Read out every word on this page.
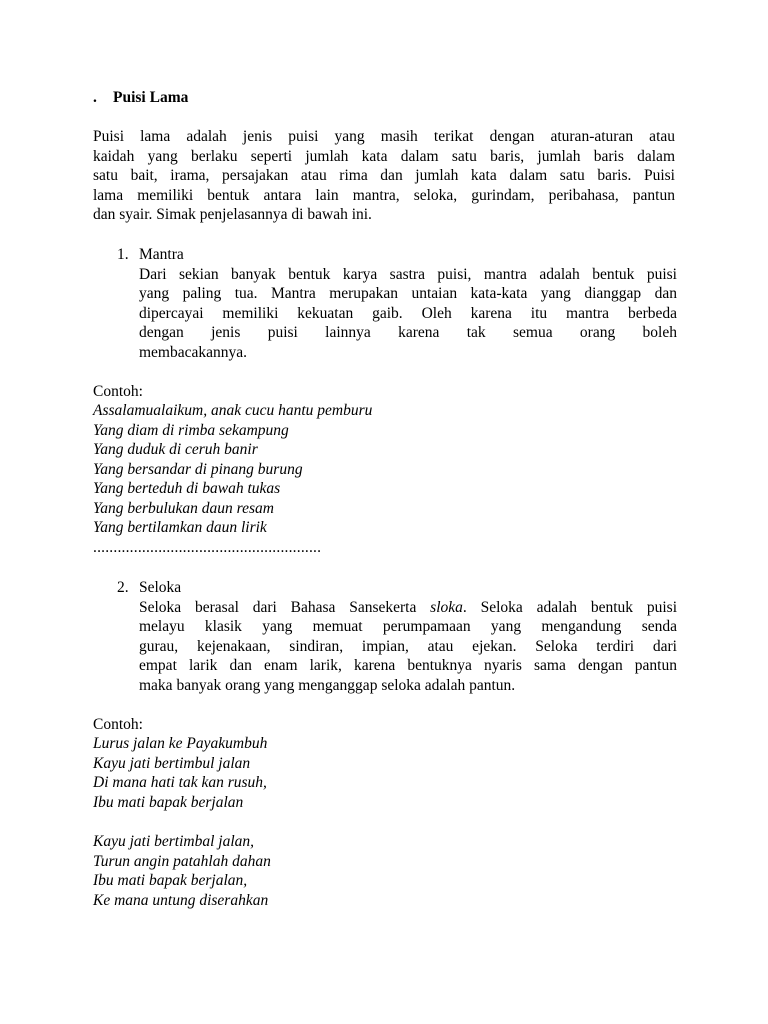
. Puisi Lama
Puisi lama adalah jenis puisi yang masih terikat dengan aturan-aturan atau
kaidah yang berlaku seperti jumlah kata dalam satu baris, jumlah baris dalam
satu bait, irama, persajakan atau rima dan jumlah kata dalam satu baris. Puisi
lama memiliki bentuk antara lain mantra, seloka, gurindam, peribahasa, pantun
dan syair. Simak penjelasannya di bawah ini.
1. Mantra
Dari sekian banyak bentuk karya sastra puisi, mantra adalah bentuk puisi
yang paling tua. Mantra merupakan untaian kata-kata yang dianggap dan
dipercayai memiliki kekuatan gaib. Oleh karena itu mantra berbeda
dengan jenis puisi lainnya karena tak semua orang boleh
membacakannya.
Contoh:
Assalamualaikum, anak cucu hantu pemburu
Yang diam di rimba sekampung
Yang duduk di ceruh banir
Yang bersandar di pinang burung
Yang berteduh di bawah tukas
Yang berbulukan daun resam
Yang bertilamkan daun lirik
........................................................
2. Seloka
Seloka berasal dari Bahasa Sansekerta sloka. Seloka adalah bentuk puisi
melayu klasik yang memuat perumpamaan yang mengandung senda
gurau, kejenakaan, sindiran, impian, atau ejekan. Seloka terdiri dari
empat larik dan enam larik, karena bentuknya nyaris sama dengan pantun
maka banyak orang yang menganggap seloka adalah pantun.
Contoh:
Lurus jalan ke Payakumbuh
Kayu jati bertimbul jalan
Di mana hati tak kan rusuh,
Ibu mati bapak berjalan
Kayu jati bertimbal jalan,
Turun angin patahlah dahan
Ibu mati bapak berjalan,
Ke mana untung diserahkan
